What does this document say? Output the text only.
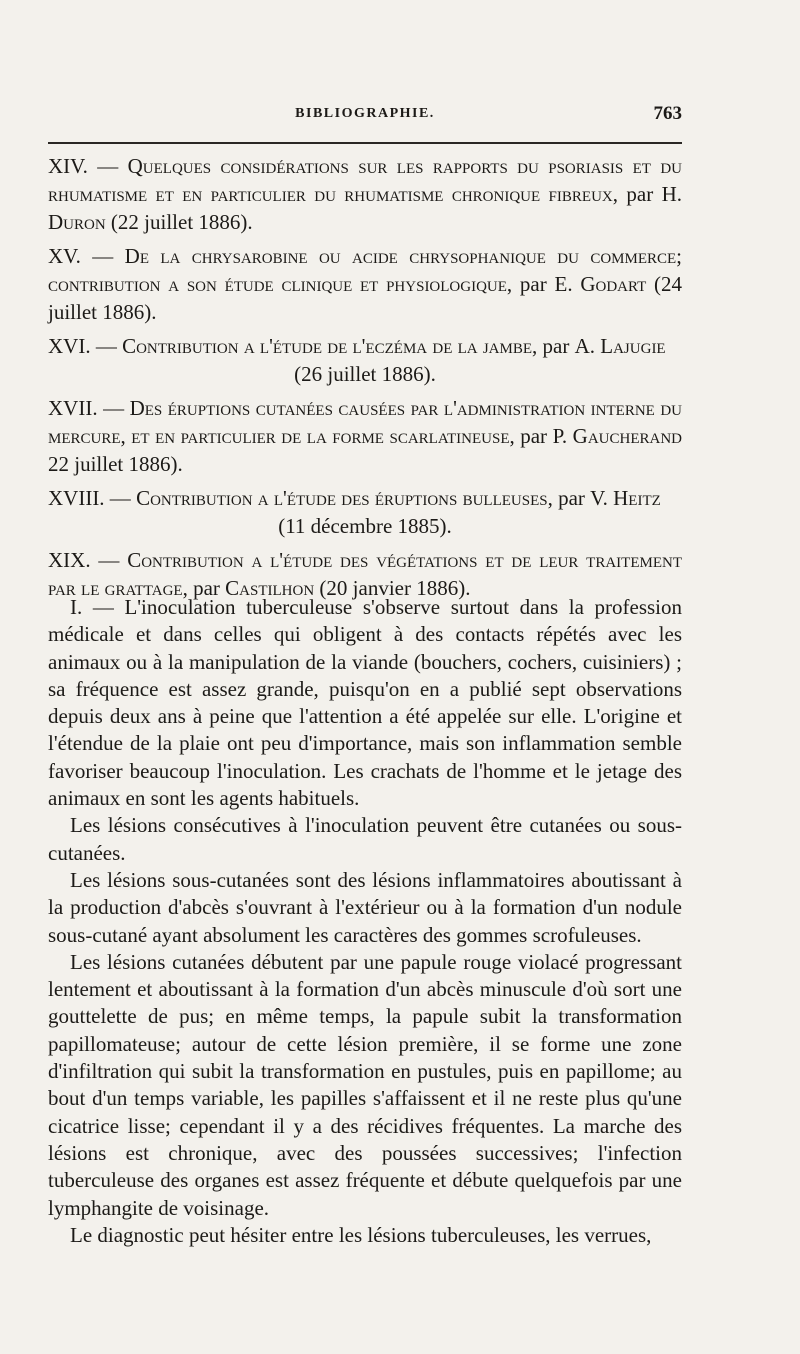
BIBLIOGRAPHIE.	763

XIV. — Quelques considérations sur les rapports du psoriasis et du rhumatisme et en particulier du rhumatisme chronique fibreux, par H. Duron (22 juillet 1886).

XV. — De la chrysarobine ou acide chrysophanique du commerce; contribution a son étude clinique et physiologique, par E. Godart (24 juillet 1886).

XVI. — Contribution a l'étude de l'eczéma de la jambe, par A. Lajugie
(26 juillet 1886).

XVII. — Des éruptions cutanées causées par l'administration interne du mercure, et en particulier de la forme scarlatineuse, par P. Gaucherand 22 juillet 1886).

XVIII. — Contribution a l'étude des éruptions bulleuses, par V. Heitz
(11 décembre 1885).

XIX. — Contribution a l'étude des végétations et de leur traitement par le grattage, par Castilhon (20 janvier 1886).

I. — L'inoculation tuberculeuse s'observe surtout dans la profession médicale et dans celles qui obligent à des contacts répétés avec les animaux ou à la manipulation de la viande (bouchers, cochers, cuisiniers) ; sa fréquence est assez grande, puisqu'on en a publié sept observations depuis deux ans à peine que l'attention a été appelée sur elle. L'origine et l'étendue de la plaie ont peu d'importance, mais son inflammation semble favoriser beaucoup l'inoculation. Les crachats de l'homme et le jetage des animaux en sont les agents habituels.

Les lésions consécutives à l'inoculation peuvent être cutanées ou sous-cutanées.

Les lésions sous-cutanées sont des lésions inflammatoires aboutissant à la production d'abcès s'ouvrant à l'extérieur ou à la formation d'un nodule sous-cutané ayant absolument les caractères des gommes scrofuleuses.

Les lésions cutanées débutent par une papule rouge violacé progressant lentement et aboutissant à la formation d'un abcès minuscule d'où sort une gouttelette de pus; en même temps, la papule subit la transformation papillomateuse; autour de cette lésion première, il se forme une zone d'infiltration qui subit la transformation en pustules, puis en papillome; au bout d'un temps variable, les papilles s'affaissent et il ne reste plus qu'une cicatrice lisse; cependant il y a des récidives fréquentes. La marche des lésions est chronique, avec des poussées successives; l'infection tuberculeuse des organes est assez fréquente et débute quelquefois par une lymphangite de voisinage.

Le diagnostic peut hésiter entre les lésions tuberculeuses, les verrues,
